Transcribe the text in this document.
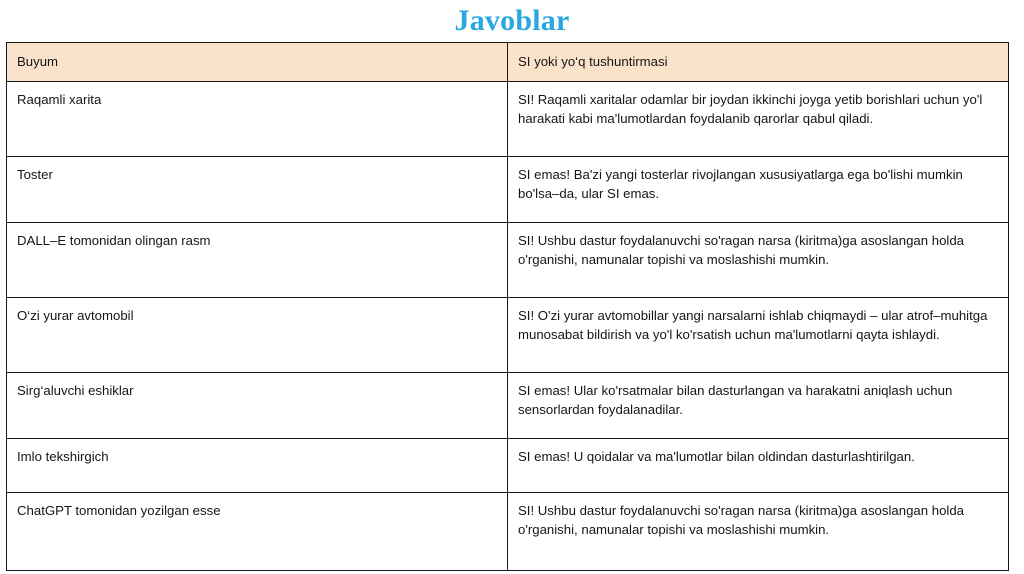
Javoblar
Buyum	SI yoki yo‘q tushuntirmasi

Raqamli xarita	SI! Raqamli xaritalar odamlar bir joydan ikkinchi joyga yetib borishlari uchun yo'l harakati kabi ma'lumotlardan foydalanib qarorlar qabul qiladi.

Toster	SI emas! Ba'zi yangi tosterlar rivojlangan xususiyatlarga ega bo'lishi mumkin bo'lsa–da, ular SI emas.

DALL–E tomonidan olingan rasm	SI! Ushbu dastur foydalanuvchi so'ragan narsa (kiritma)ga asoslangan holda o'rganishi, namunalar topishi va moslashishi mumkin.

O‘zi yurar avtomobil	SI! O'zi yurar avtomobillar yangi narsalarni ishlab chiqmaydi – ular atrof–muhitga munosabat bildirish va yo'l ko'rsatish uchun ma'lumotlarni qayta ishlaydi.

Sirg‘aluvchi eshiklar	SI emas! Ular ko'rsatmalar bilan dasturlangan va harakatni aniqlash uchun sensorlardan foydalanadilar.

Imlo tekshirgich	SI emas! U qoidalar va ma'lumotlar bilan oldindan dasturlashtirilgan.

ChatGPT tomonidan yozilgan esse	SI! Ushbu dastur foydalanuvchi so'ragan narsa (kiritma)ga asoslangan holda o'rganishi, namunalar topishi va moslashishi mumkin.
